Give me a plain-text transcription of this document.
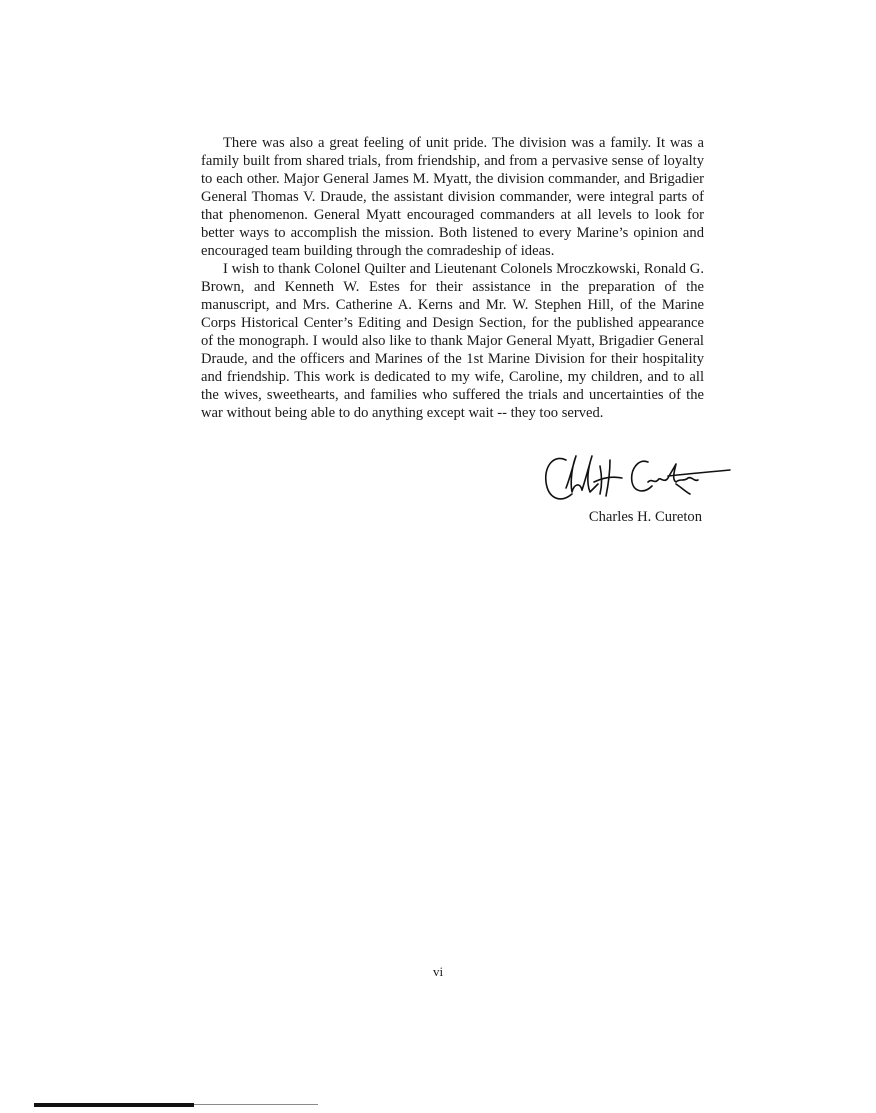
There was also a great feeling of unit pride. The division was a family. It was a family built from shared trials, from friendship, and from a pervasive sense of loyalty to each other. Major General James M. Myatt, the division commander, and Brigadier General Thomas V. Draude, the assistant division commander, were integral parts of that phenomenon. General Myatt encouraged commanders at all levels to look for better ways to accomplish the mission. Both listened to every Marine’s opinion and encouraged team building through the comradeship of ideas.

I wish to thank Colonel Quilter and Lieutenant Colonels Mroczkowski, Ronald G. Brown, and Kenneth W. Estes for their assistance in the preparation of the manuscript, and Mrs. Catherine A. Kerns and Mr. W. Stephen Hill, of the Marine Corps Historical Center’s Editing and Design Section, for the published appearance of the monograph. I would also like to thank Major General Myatt, Brigadier General Draude, and the officers and Marines of the 1st Marine Division for their hospitality and friendship. This work is dedicated to my wife, Caroline, my children, and to all the wives, sweethearts, and families who suffered the trials and uncertainties of the war without being able to do anything except wait -- they too served.

Charles H. Cureton
vi
